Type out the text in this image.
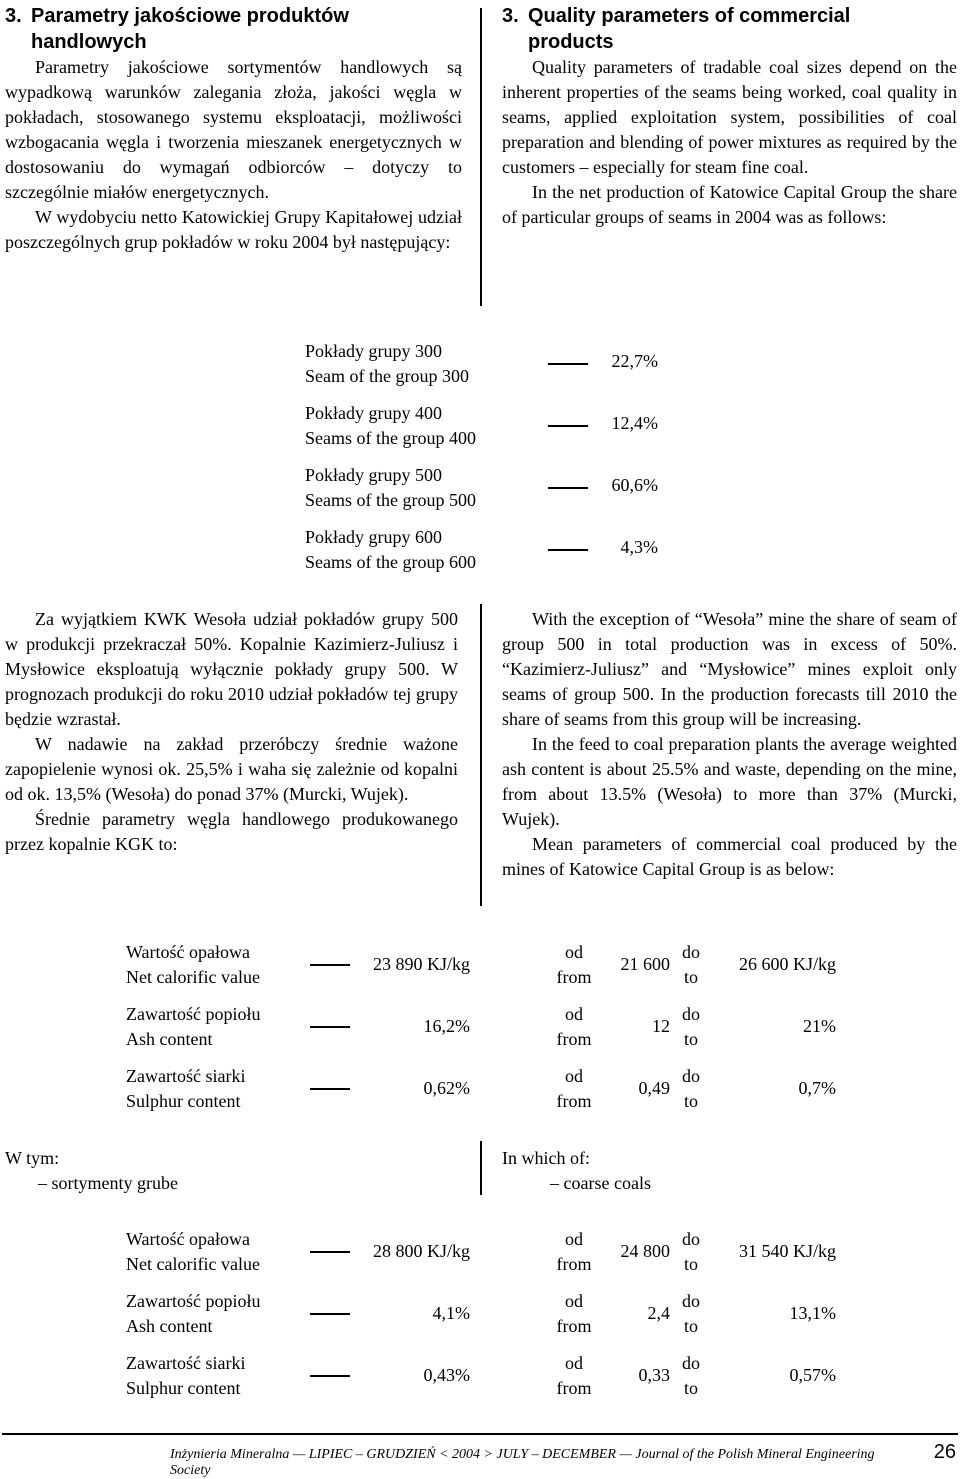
3. Parametry jakościowe produktów
handlowych

Parametry jakościowe sortymentów handlowych są wypadkową warunków zalegania złoża, jakości węgla w pokładach, stosowanego systemu eksploatacji, możliwości wzbogacania węgla i tworzenia mieszanek energetycznych w dostosowaniu do wymagań odbiorców – dotyczy to szczególnie miałów energetycznych.

W wydobyciu netto Katowickiej Grupy Kapitałowej udział poszczególnych grup pokładów w roku 2004 był następujący:

3. Quality parameters of commercial
products

Quality parameters of tradable coal sizes depend on the inherent properties of the seams being worked, coal quality in seams, applied exploitation system, possibilities of coal preparation and blending of power mixtures as required by the customers – especially for steam fine coal.

In the net production of Katowice Capital Group the share of particular groups of seams in 2004 was as follows:

Pokłady grupy 300
Seam of the group 300
22,7%
Pokłady grupy 400
Seams of the group 400
12,4%
Pokłady grupy 500
Seams of the group 500
60,6%
Pokłady grupy 600
Seams of the group 600
4,3%

Za wyjątkiem KWK Wesoła udział pokładów grupy 500 w produkcji przekraczał 50%. Kopalnie Kazimierz-Juliusz i Mysłowice eksploatują wyłącznie pokłady grupy 500. W prognozach produkcji do roku 2010 udział pokładów tej grupy będzie wzrastał.

W nadawie na zakład przeróbczy średnie ważone zapopielenie wynosi ok. 25,5% i waha się zależnie od kopalni od ok. 13,5% (Wesoła) do ponad 37% (Murcki, Wujek).

Średnie parametry węgla handlowego produkowanego przez kopalnie KGK to:

With the exception of “Wesoła” mine the share of seam of group 500 in total production was in excess of 50%. “Kazimierz-Juliusz” and “Mysłowice” mines exploit only seams of group 500. In the production forecasts till 2010 the share of seams from this group will be increasing.

In the feed to coal preparation plants the average weighted ash content is about 25.5% and waste, depending on the mine, from about 13.5% (Wesoła) to more than 37% (Murcki, Wujek).

Mean parameters of commercial coal produced by the mines of Katowice Capital Group is as below:

Wartość opałowa
Net calorific value
23 890 KJ/kg
od
from
21 600
do
to
26 600 KJ/kg
Zawartość popiołu
Ash content
16,2%
od
from
12
do
to
21%
Zawartość siarki
Sulphur content
0,62%
od
from
0,49
do
to
0,7%
W tym:
– sortymenty grube
In which of:
– coarse coals
Wartość opałowa
Net calorific value
28 800 KJ/kg
od
from
24 800
do
to
31 540 KJ/kg
Zawartość popiołu
Ash content
4,1%
od
from
2,4
do
to
13,1%
Zawartość siarki
Sulphur content
0,43%
od
from
0,33
do
to
0,57%
Inżynieria Mineralna — LIPIEC – GRUDZIEŃ < 2004 > JULY – DECEMBER — Journal of the Polish Mineral Engineering Society
26
